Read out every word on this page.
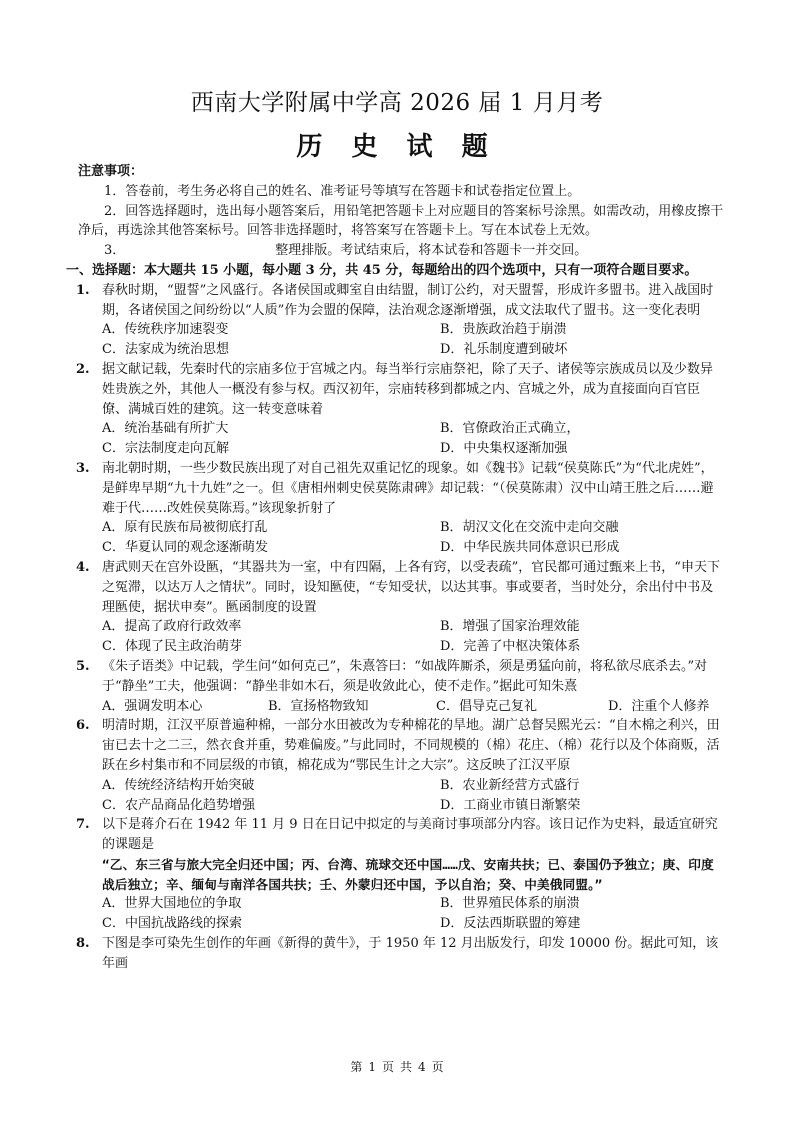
西南大学附属中学高 2026 届 1 月月考
历 史 试 题
注意事项：
1．答卷前，考生务必将自己的姓名、准考证号等填写在答题卡和试卷指定位置上。
2．回答选择题时，选出每小题答案后，用铅笔把答题卡上对应题目的答案标号涂黑。如需改动，用橡皮擦干净后，再选涂其他答案标号。回答非选择题时，将答案写在答题卡上。写在本试卷上无效。
3．	整理排版。考试结束后，将本试卷和答题卡一并交回。
一、选择题：本大题共 15 小题，每小题 3 分，共 45 分，每题给出的四个选项中，只有一项符合题目要求。
1. 春秋时期，“盟誓”之风盛行。各诸侯国或卿室自由结盟，制订公约，对天盟誓，形成许多盟书。进入战国时期，各诸侯国之间纷纷以“人质”作为会盟的保障，法治观念逐渐增强，成文法取代了盟书。这一变化表明
A．传统秩序加速裂变	B．贵族政治趋于崩溃
C．法家成为统治思想	D．礼乐制度遭到破坏
2. 据文献记载，先秦时代的宗庙多位于宫城之内。每当举行宗庙祭祀，除了天子、诸侯等宗族成员以及少数异姓贵族之外，其他人一概没有参与权。西汉初年，宗庙转移到都城之内、宫城之外，成为直接面向百官臣僚、满城百姓的建筑。这一转变意味着
A．统治基础有所扩大	B．官僚政治正式确立，
C．宗法制度走向瓦解	D．中央集权逐渐加强
3. 南北朝时期，一些少数民族出现了对自己祖先双重记忆的现象。如《魏书》记载“侯莫陈氏”为“代北虎姓”，是鲜卑早期“九十九姓”之一。但《唐相州刺史侯莫陈肃碑》却记载：“（侯莫陈肃）汉中山靖王胜之后……避难于代……改姓侯莫陈焉。”该现象折射了
A．原有民族布局被彻底打乱	B．胡汉文化在交流中走向交融
C．华夏认同的观念逐渐萌发	D．中华民族共同体意识已形成
4. 唐武则天在宫外设匦，“其器共为一室，中有四隔，上各有窍，以受表疏”，官民都可通过甄来上书，“申天下之冤滞，以达万人之情状”。同时，设知匦使，“专知受状，以达其事。事或要者，当时处分，余出付中书及理匦使，据状申奏”。匦函制度的设置
A．提高了政府行政效率	B．增强了国家治理效能
C．体现了民主政治萌芽	D．完善了中枢决策体系
5. 《朱子语类》中记载，学生问“如何克己”，朱熹答曰：“如战阵厮杀，须是勇猛向前，将私欲尽底杀去。”对于“静坐”工夫，他强调：“静坐非如木石，须是收敛此心，使不走作。”据此可知朱熹
A．强调发明本心	B．宣扬格物致知	C．倡导克己复礼	D．注重个人修养
6. 明清时期，江汉平原普遍种棉，一部分水田被改为专种棉花的旱地。湖广总督吴熙光云：“自木棉之利兴，田宙已去十之二三，然衣食并重，势难偏废。”与此同时，不同规模的（棉）花庄、（棉）花行以及个体商贩，活跃在乡村集市和不同层级的市镇，棉花成为“鄂民生计之大宗”。这反映了江汉平原
A．传统经济结构开始突破	B．农业新经营方式盛行
C．农产品商品化趋势增强	D．工商业市镇日渐繁荣
7. 以下是蒋介石在 1942 年 11 月 9 日在日记中拟定的与美商讨事项部分内容。该日记作为史料，最适宜研究的课题是
“乙、东三省与旅大完全归还中国；丙、台湾、琉球交还中国……戊、安南共扶；已、泰国仍予独立；庚、印度战后独立；辛、缅甸与南洋各国共扶；壬、外蒙归还中国，予以自治；癸、中美俄同盟。”
A．世界大国地位的争取	B．世界殖民体系的崩溃
C．中国抗战路线的探索	D．反法西斯联盟的筹建
8. 下图是李可染先生创作的年画《新得的黄牛》，于 1950 年 12 月出版发行，印发 10000 份。据此可知，该年画
第 1 页 共 4 页
